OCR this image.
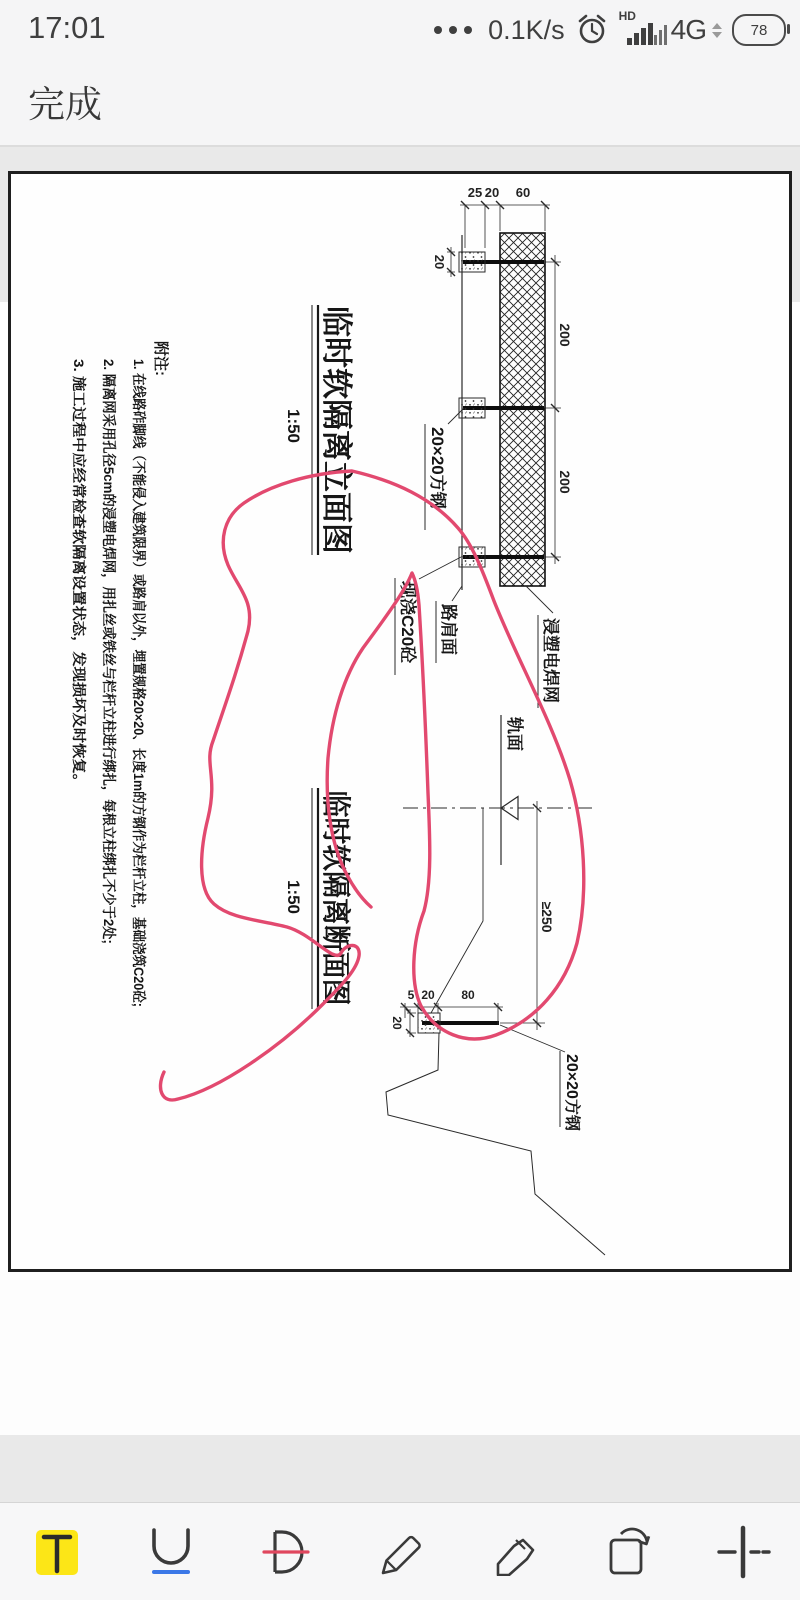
17:01	0.1K/s	HD 4G	78
完成
200
200
60
20
25
20
20×20方钢
现浇C20砼 路肩面	浸塑电焊网
临时软隔离立面图
1:50
轨面
≥250
80
20
5
20
20×20方钢
临时软隔离断面图
1:50
附注:
1. 在线路砟脚线（不能侵入建筑限界）或路肩以外，埋置规格20×20、长度1m的方钢作为栏杆立柱，基础浇筑C20砼;
2. 隔离网采用孔径5cm的浸塑电焊网，用扎丝或铁丝与栏杆立柱进行绑扎，每根立柱绑扎不少于2处;
3. 施工过程中应经常检查软隔离设置状态，发现损坏及时恢复。
